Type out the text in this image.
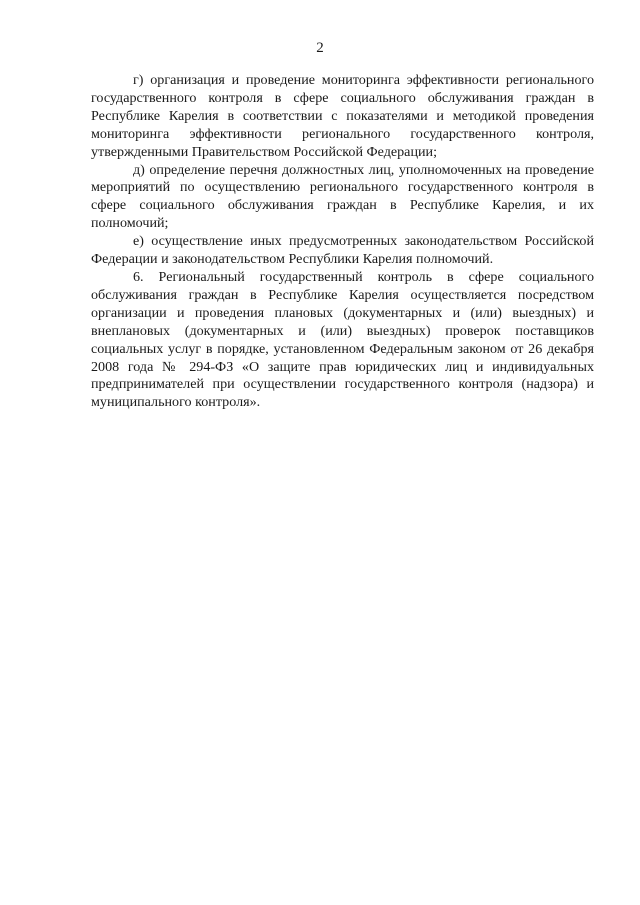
2

г) организация и проведение мониторинга эффективности регионального государственного контроля в сфере социального обслуживания граждан в Республике Карелия в соответствии с показателями и методикой проведения мониторинга эффективности регионального государственного контроля, утвержденными Правительством Российской Федерации;

д) определение перечня должностных лиц, уполномоченных на проведение мероприятий по осуществлению регионального государственного контроля в сфере социального обслуживания граждан в Республике Карелия, и их полномочий;

е) осуществление иных предусмотренных законодательством Российской Федерации и законодательством Республики Карелия полномочий.

6. Региональный государственный контроль в сфере социального обслуживания граждан в Республике Карелия осуществляется посредством организации и проведения плановых (документарных и (или) выездных) и внеплановых (документарных и (или) выездных) проверок поставщиков социальных услуг в порядке, установленном Федеральным законом от 26 декабря 2008 года № 294-ФЗ «О защите прав юридических лиц и индивидуальных предпринимателей при осуществлении государственного контроля (надзора) и муниципального контроля».
